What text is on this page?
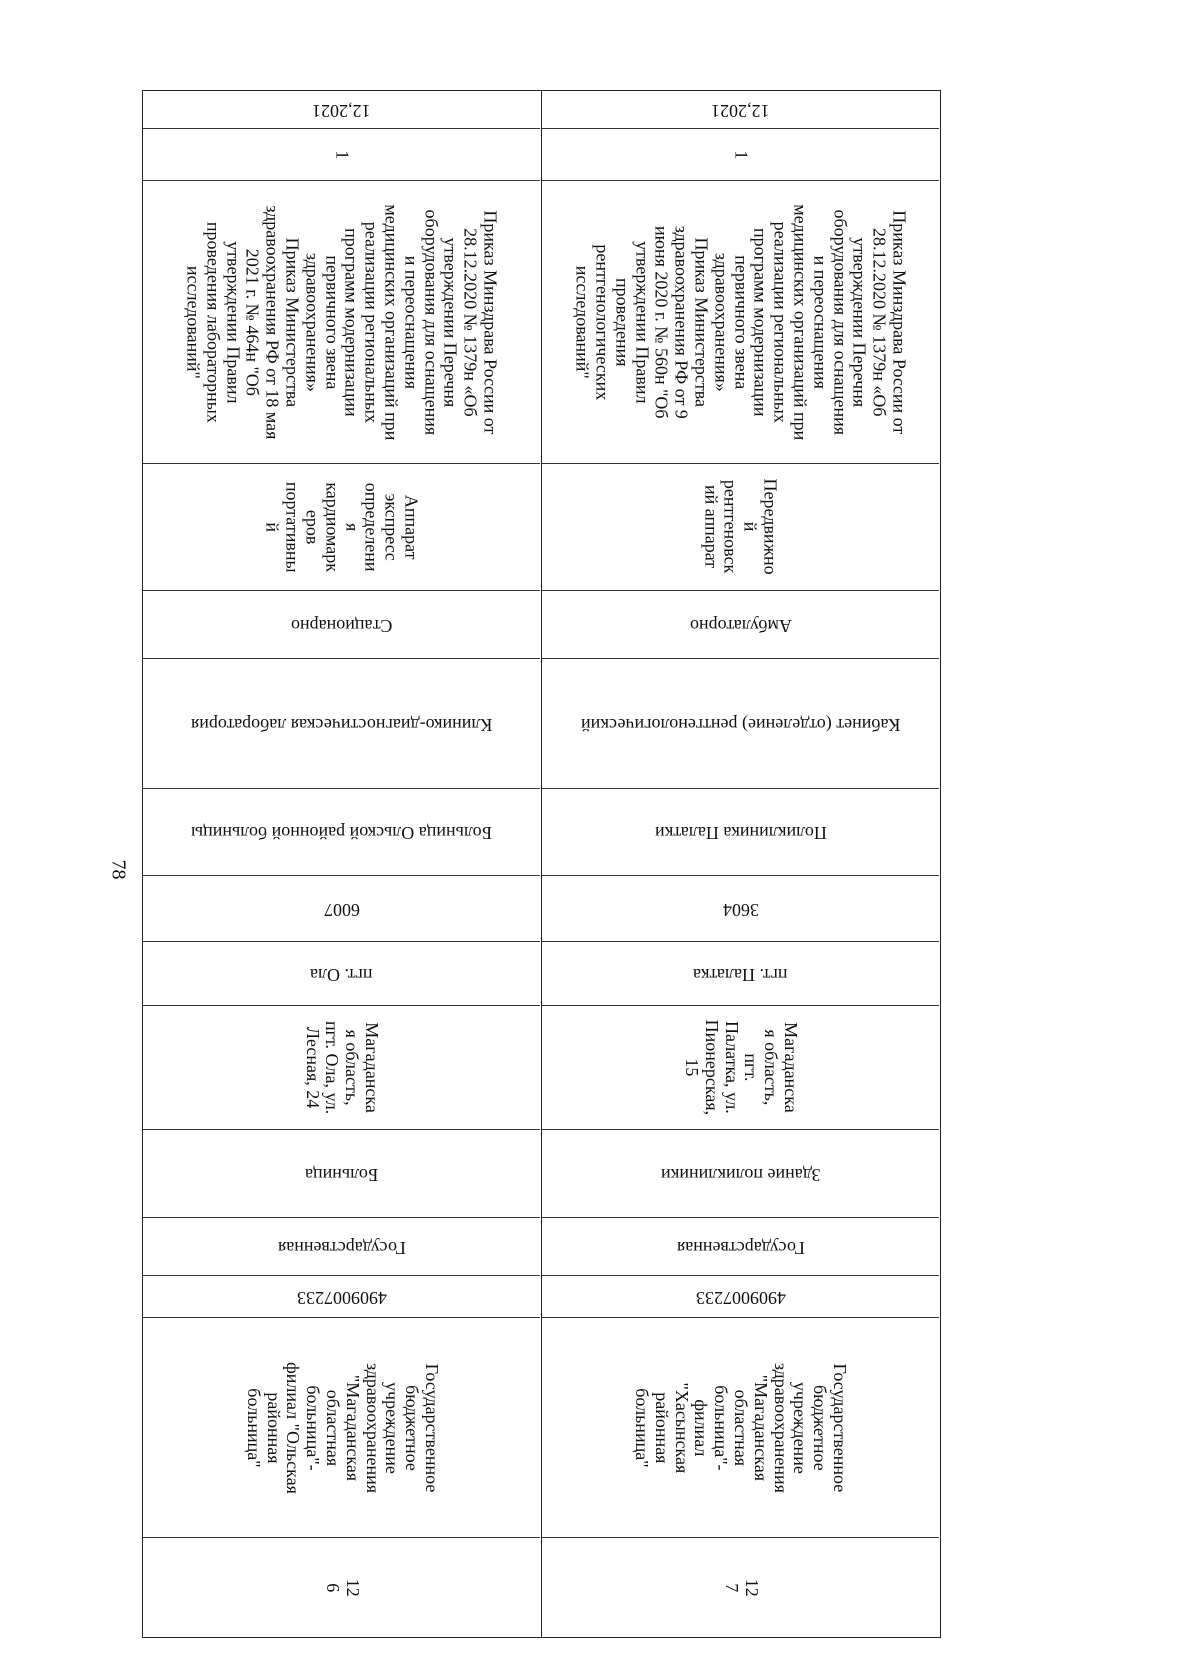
78
12,2021
1
Приказ Минздрава России от
28.12.2020 № 1379н «Об
утверждении Перечня
оборудования для оснащения
и переоснащения
медицинских организаций при
реализации региональных
программ модернизации
первичного звена
здравоохранения»
Приказ Министерства
здравоохранения РФ от 18 мая
2021 г. № 464н "Об
утверждении Правил
проведения лабораторных
исследований"
Аппарат
экспресс
определени
я
кардиомарк
еров
портативны
й
Стационарно
Клинико-диагностическая лаборатория
Больница Ольской районной больницы
6007
пгт. Ола
Магаданска
я область,
пгт. Ола, ул.
Лесная, 24
Больница
Государственная
4909007233
Государственное
бюджетное
учреждение
здравоохранения
"Магаданская
областная
больница"-
филиал "Ольская
районная
больница"
12
6
12,2021
1
Приказ Минздрава России от
28.12.2020 № 1379н «Об
утверждении Перечня
оборудования для оснащения
и переоснащения
медицинских организаций при
реализации региональных
программ модернизации
первичного звена
здравоохранения»
Приказ Министерства
здравоохранения РФ от 9
июня 2020 г. № 560н "Об
утверждении Правил
проведения
рентгенологических
исследований"
Передвижно
й
рентгеновск
ий аппарат
Амбулаторно
Кабинет (отделение) рентгенологический
Поликлиника Палатки
3604
пгт. Палатка
Магаданска
я область,
пгт.
Палатка, ул.
Пионерская,
15
Здание поликлиники
Государственная
4909007233
Государственное
бюджетное
учреждение
здравоохранения
"Магаданская
областная
больница"-
филиал
"Хасынская
районная
больница"
12
7
